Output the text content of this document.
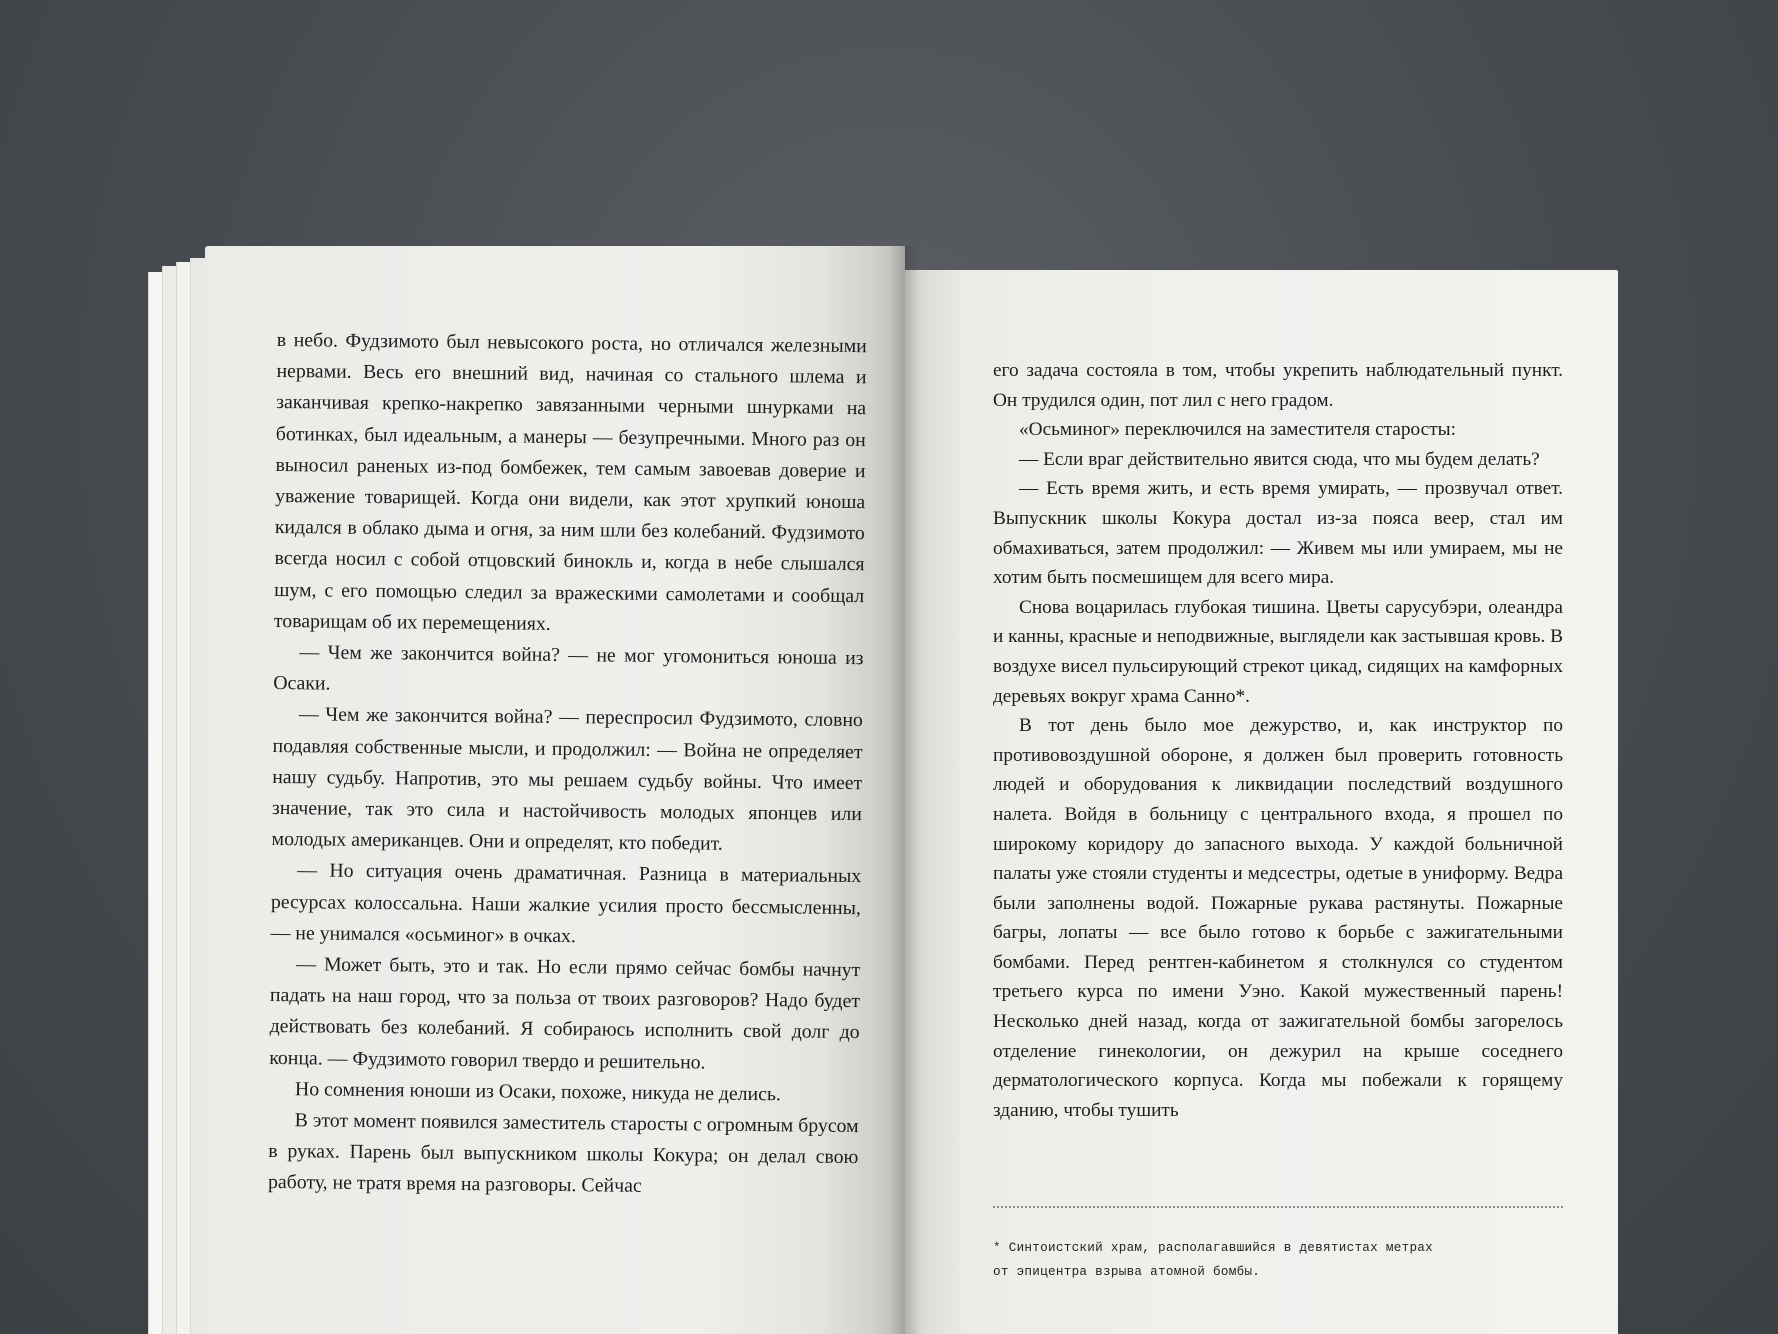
в небо. Фудзимото был невысокого роста, но отличался железными нервами. Весь его внешний вид, начиная со стального шлема и заканчивая крепко-накрепко завязанными черными шнурками на ботинках, был идеальным, а манеры — безупречными. Много раз он выносил раненых из-под бомбежек, тем самым завоевав доверие и уважение товарищей. Когда они видели, как этот хрупкий юноша кидался в облако дыма и огня, за ним шли без колебаний. Фудзимото всегда носил с собой отцовский бинокль и, когда в небе слышался шум, с его помощью следил за вражескими самолетами и сообщал товарищам об их перемещениях.

— Чем же закончится война? — не мог угомониться юноша из Осаки.

— Чем же закончится война? — переспросил Фудзимото, словно подавляя собственные мысли, и продолжил: — Война не определяет нашу судьбу. Напротив, это мы решаем судьбу войны. Что имеет значение, так это сила и настойчивость молодых японцев или молодых американцев. Они и определят, кто победит.

— Но ситуация очень драматичная. Разница в материальных ресурсах колоссальна. Наши жалкие усилия просто бессмысленны, — не унимался «осьминог» в очках.

— Может быть, это и так. Но если прямо сейчас бомбы начнут падать на наш город, что за польза от твоих разговоров? Надо будет действовать без колебаний. Я собираюсь исполнить свой долг до конца. — Фудзимото говорил твердо и решительно.

Но сомнения юноши из Осаки, похоже, никуда не делись.

В этот момент появился заместитель старосты с огромным брусом в руках. Парень был выпускником школы Кокура; он делал свою работу, не тратя время на разговоры. Сейчас

его задача состояла в том, чтобы укрепить наблюдательный пункт. Он трудился один, пот лил с него градом.

«Осьминог» переключился на заместителя старосты:

— Если враг действительно явится сюда, что мы будем делать?

— Есть время жить, и есть время умирать, — прозвучал ответ. Выпускник школы Кокура достал из-за пояса веер, стал им обмахиваться, затем продолжил: — Живем мы или умираем, мы не хотим быть посмешищем для всего мира.

Снова воцарилась глубокая тишина. Цветы сарусубэри, олеандра и канны, красные и неподвижные, выглядели как застывшая кровь. В воздухе висел пульсирующий стрекот цикад, сидящих на камфорных деревьях вокруг храма Санно*.

В тот день было мое дежурство, и, как инструктор по противовоздушной обороне, я должен был проверить готовность людей и оборудования к ликвидации последствий воздушного налета. Войдя в больницу с центрального входа, я прошел по широкому коридору до запасного выхода. У каждой больничной палаты уже стояли студенты и медсестры, одетые в униформу. Ведра были заполнены водой. Пожарные рукава растянуты. Пожарные багры, лопаты — все было готово к борьбе с зажигательными бомбами. Перед рентген-кабинетом я столкнулся со студентом третьего курса по имени Уэно. Какой мужественный парень! Несколько дней назад, когда от зажигательной бомбы загорелось отделение гинекологии, он дежурил на крыше соседнего дерматологического корпуса. Когда мы побежали к горящему зданию, чтобы тушить

* Синтоистский храм, располагавшийся в девятистах метрах

от эпицентра взрыва атомной бомбы.
